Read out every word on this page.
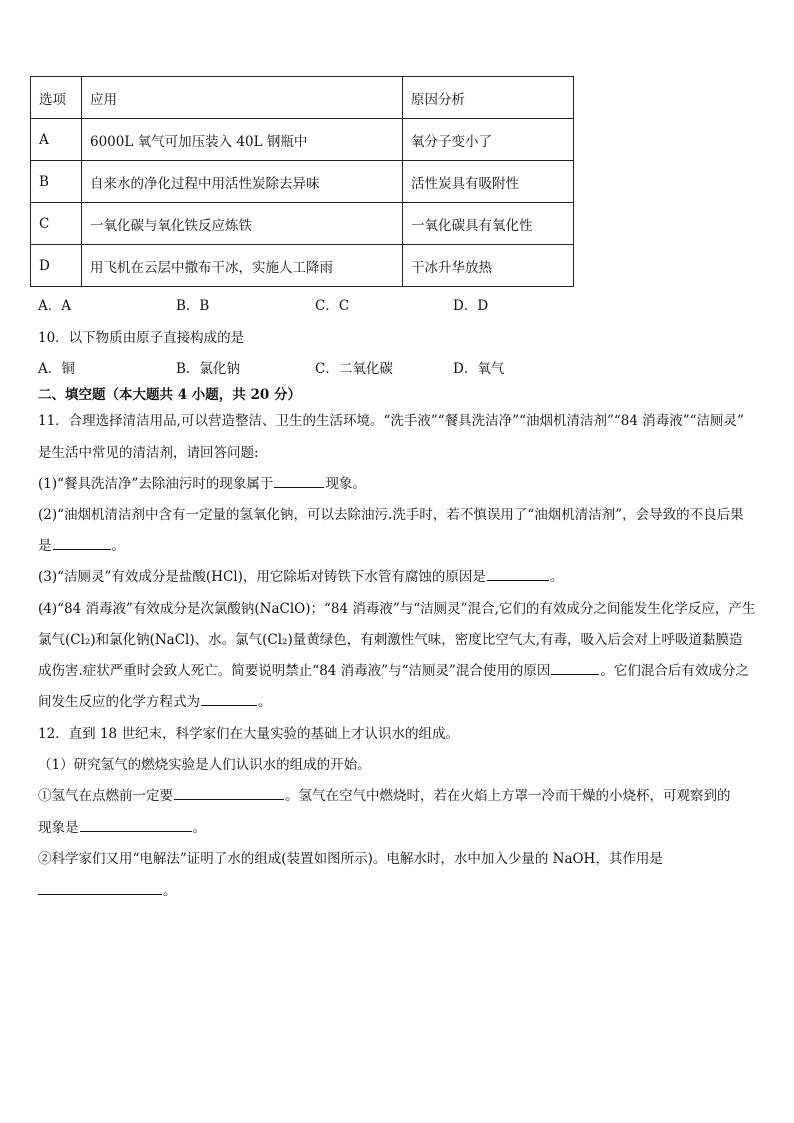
选项	应用	原因分析
A	6000L 氧气可加压装入 40L 钢瓶中	氧分子变小了
B	自来水的净化过程中用活性炭除去异味	活性炭具有吸附性
C	一氧化碳与氧化铁反应炼铁	一氧化碳具有氧化性
D	用飞机在云层中撒布干冰，实施人工降雨	干冰升华放热
A．A	B．B	C．C	D．D
10．以下物质由原子直接构成的是
A．铜	B．氯化钠	C．二氧化碳	D．氧气
二、填空题（本大题共 4 小题，共 20 分）
11．合理选择清洁用品,可以营造整洁、卫生的生活环境。“洗手液”“餐具洗洁净”“油烟机清洁剂”“84 消毒液”“洁厕灵”
是生活中常见的清洁剂，请回答问题:
(1)“餐具洗洁净”去除油污时的现象属于	现象。
(2)“油烟机清洁剂中含有一定量的氢氧化钠，可以去除油污.洗手时，若不慎误用了“油烟机清洁剂”，会导致的不良后果
是	。
(3)“洁厕灵”有效成分是盐酸(HCl)，用它除垢对铸铁下水管有腐蚀的原因是	。
(4)“84 消毒液”有效成分是次氯酸钠(NaClO)；“84 消毒液”与“洁厕灵”混合,它们的有效成分之间能发生化学反应，产生
氯气(Cl₂)和氯化钠(NaCl)、水。氯气(Cl₂)量黄绿色，有刺激性气味，密度比空气大,有毒，吸入后会对上呼吸道黏膜造
成伤害.症状严重时会致人死亡。简要说明禁止“84 消毒液”与“洁厕灵”混合使用的原因	。它们混合后有效成分之
间发生反应的化学方程式为	。
12．直到 18 世纪末，科学家们在大量实验的基础上才认识水的组成。
（1）研究氢气的燃烧实验是人们认识水的组成的开始。
①氢气在点燃前一定要	。氢气在空气中燃烧时，若在火焰上方罩一冷而干燥的小烧杯，可观察到的
现象是	。
②科学家们又用“电解法”证明了水的组成(装置如图所示)。电解水时，水中加入少量的 NaOH，其作用是
。
